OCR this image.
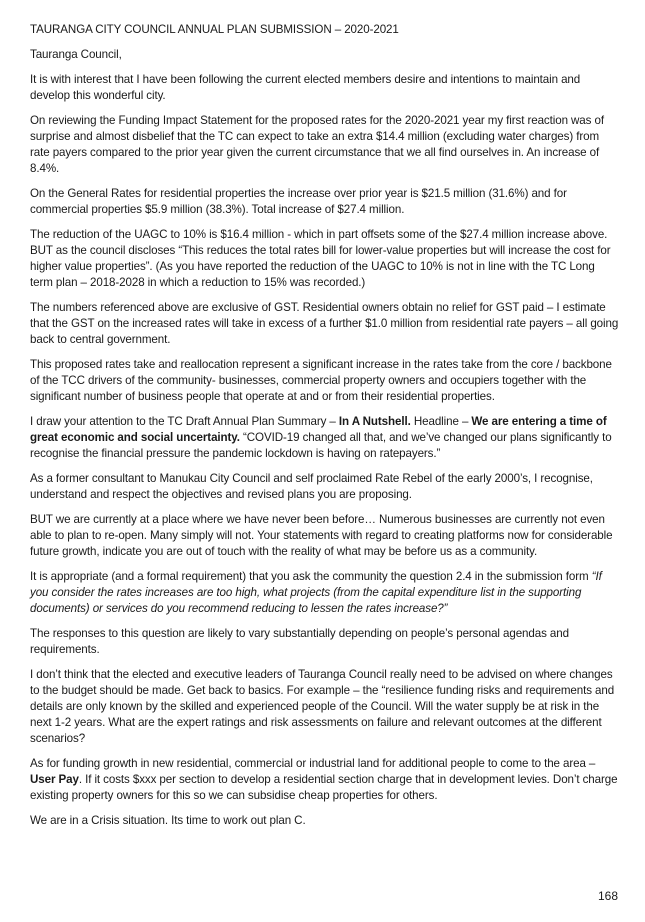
TAURANGA CITY COUNCIL ANNUAL PLAN SUBMISSION – 2020-2021

Tauranga Council,

It is with interest that I have been following the current elected members desire and intentions to maintain and develop this wonderful city.

On reviewing the Funding Impact Statement for the proposed rates for the 2020-2021 year my first reaction was of surprise and almost disbelief that the TC can expect to take an extra $14.4 million (excluding water charges) from rate payers compared to the prior year given the current circumstance that we all find ourselves in. An increase of 8.4%.

On the General Rates for residential properties the increase over prior year is $21.5 million (31.6%) and for commercial properties $5.9 million (38.3%). Total increase of $27.4 million.

The reduction of the UAGC to 10% is $16.4 million - which in part offsets some of the $27.4 million increase above. BUT as the council discloses “This reduces the total rates bill for lower-value properties but will increase the cost for higher value properties”. (As you have reported the reduction of the UAGC to 10% is not in line with the TC Long term plan – 2018-2028 in which a reduction to 15% was recorded.)

The numbers referenced above are exclusive of GST. Residential owners obtain no relief for GST paid – I estimate that the GST on the increased rates will take in excess of a further $1.0 million from residential rate payers – all going back to central government.

This proposed rates take and reallocation represent a significant increase in the rates take from the core / backbone of the TCC drivers of the community- businesses, commercial property owners and occupiers together with the significant number of business people that operate at and or from their residential properties.

I draw your attention to the TC Draft Annual Plan Summary – In A Nutshell. Headline – We are entering a time of great economic and social uncertainty. “COVID-19 changed all that, and we’ve changed our plans significantly to recognise the financial pressure the pandemic lockdown is having on ratepayers.”

As a former consultant to Manukau City Council and self proclaimed Rate Rebel of the early 2000’s, I recognise, understand and respect the objectives and revised plans you are proposing.

BUT we are currently at a place where we have never been before… Numerous businesses are currently not even able to plan to re-open. Many simply will not. Your statements with regard to creating platforms now for considerable future growth, indicate you are out of touch with the reality of what may be before us as a community.

It is appropriate (and a formal requirement) that you ask the community the question 2.4 in the submission form “If you consider the rates increases are too high, what projects (from the capital expenditure list in the supporting documents) or services do you recommend reducing to lessen the rates increase?”

The responses to this question are likely to vary substantially depending on people’s personal agendas and requirements.

I don’t think that the elected and executive leaders of Tauranga Council really need to be advised on where changes to the budget should be made. Get back to basics. For example – the “resilience funding risks and requirements and details are only known by the skilled and experienced people of the Council. Will the water supply be at risk in the next 1-2 years. What are the expert ratings and risk assessments on failure and relevant outcomes at the different scenarios?

As for funding growth in new residential, commercial or industrial land for additional people to come to the area – User Pay. If it costs $xxx per section to develop a residential section charge that in development levies. Don’t charge existing property owners for this so we can subsidise cheap properties for others.

We are in a Crisis situation. Its time to work out plan C.

168
